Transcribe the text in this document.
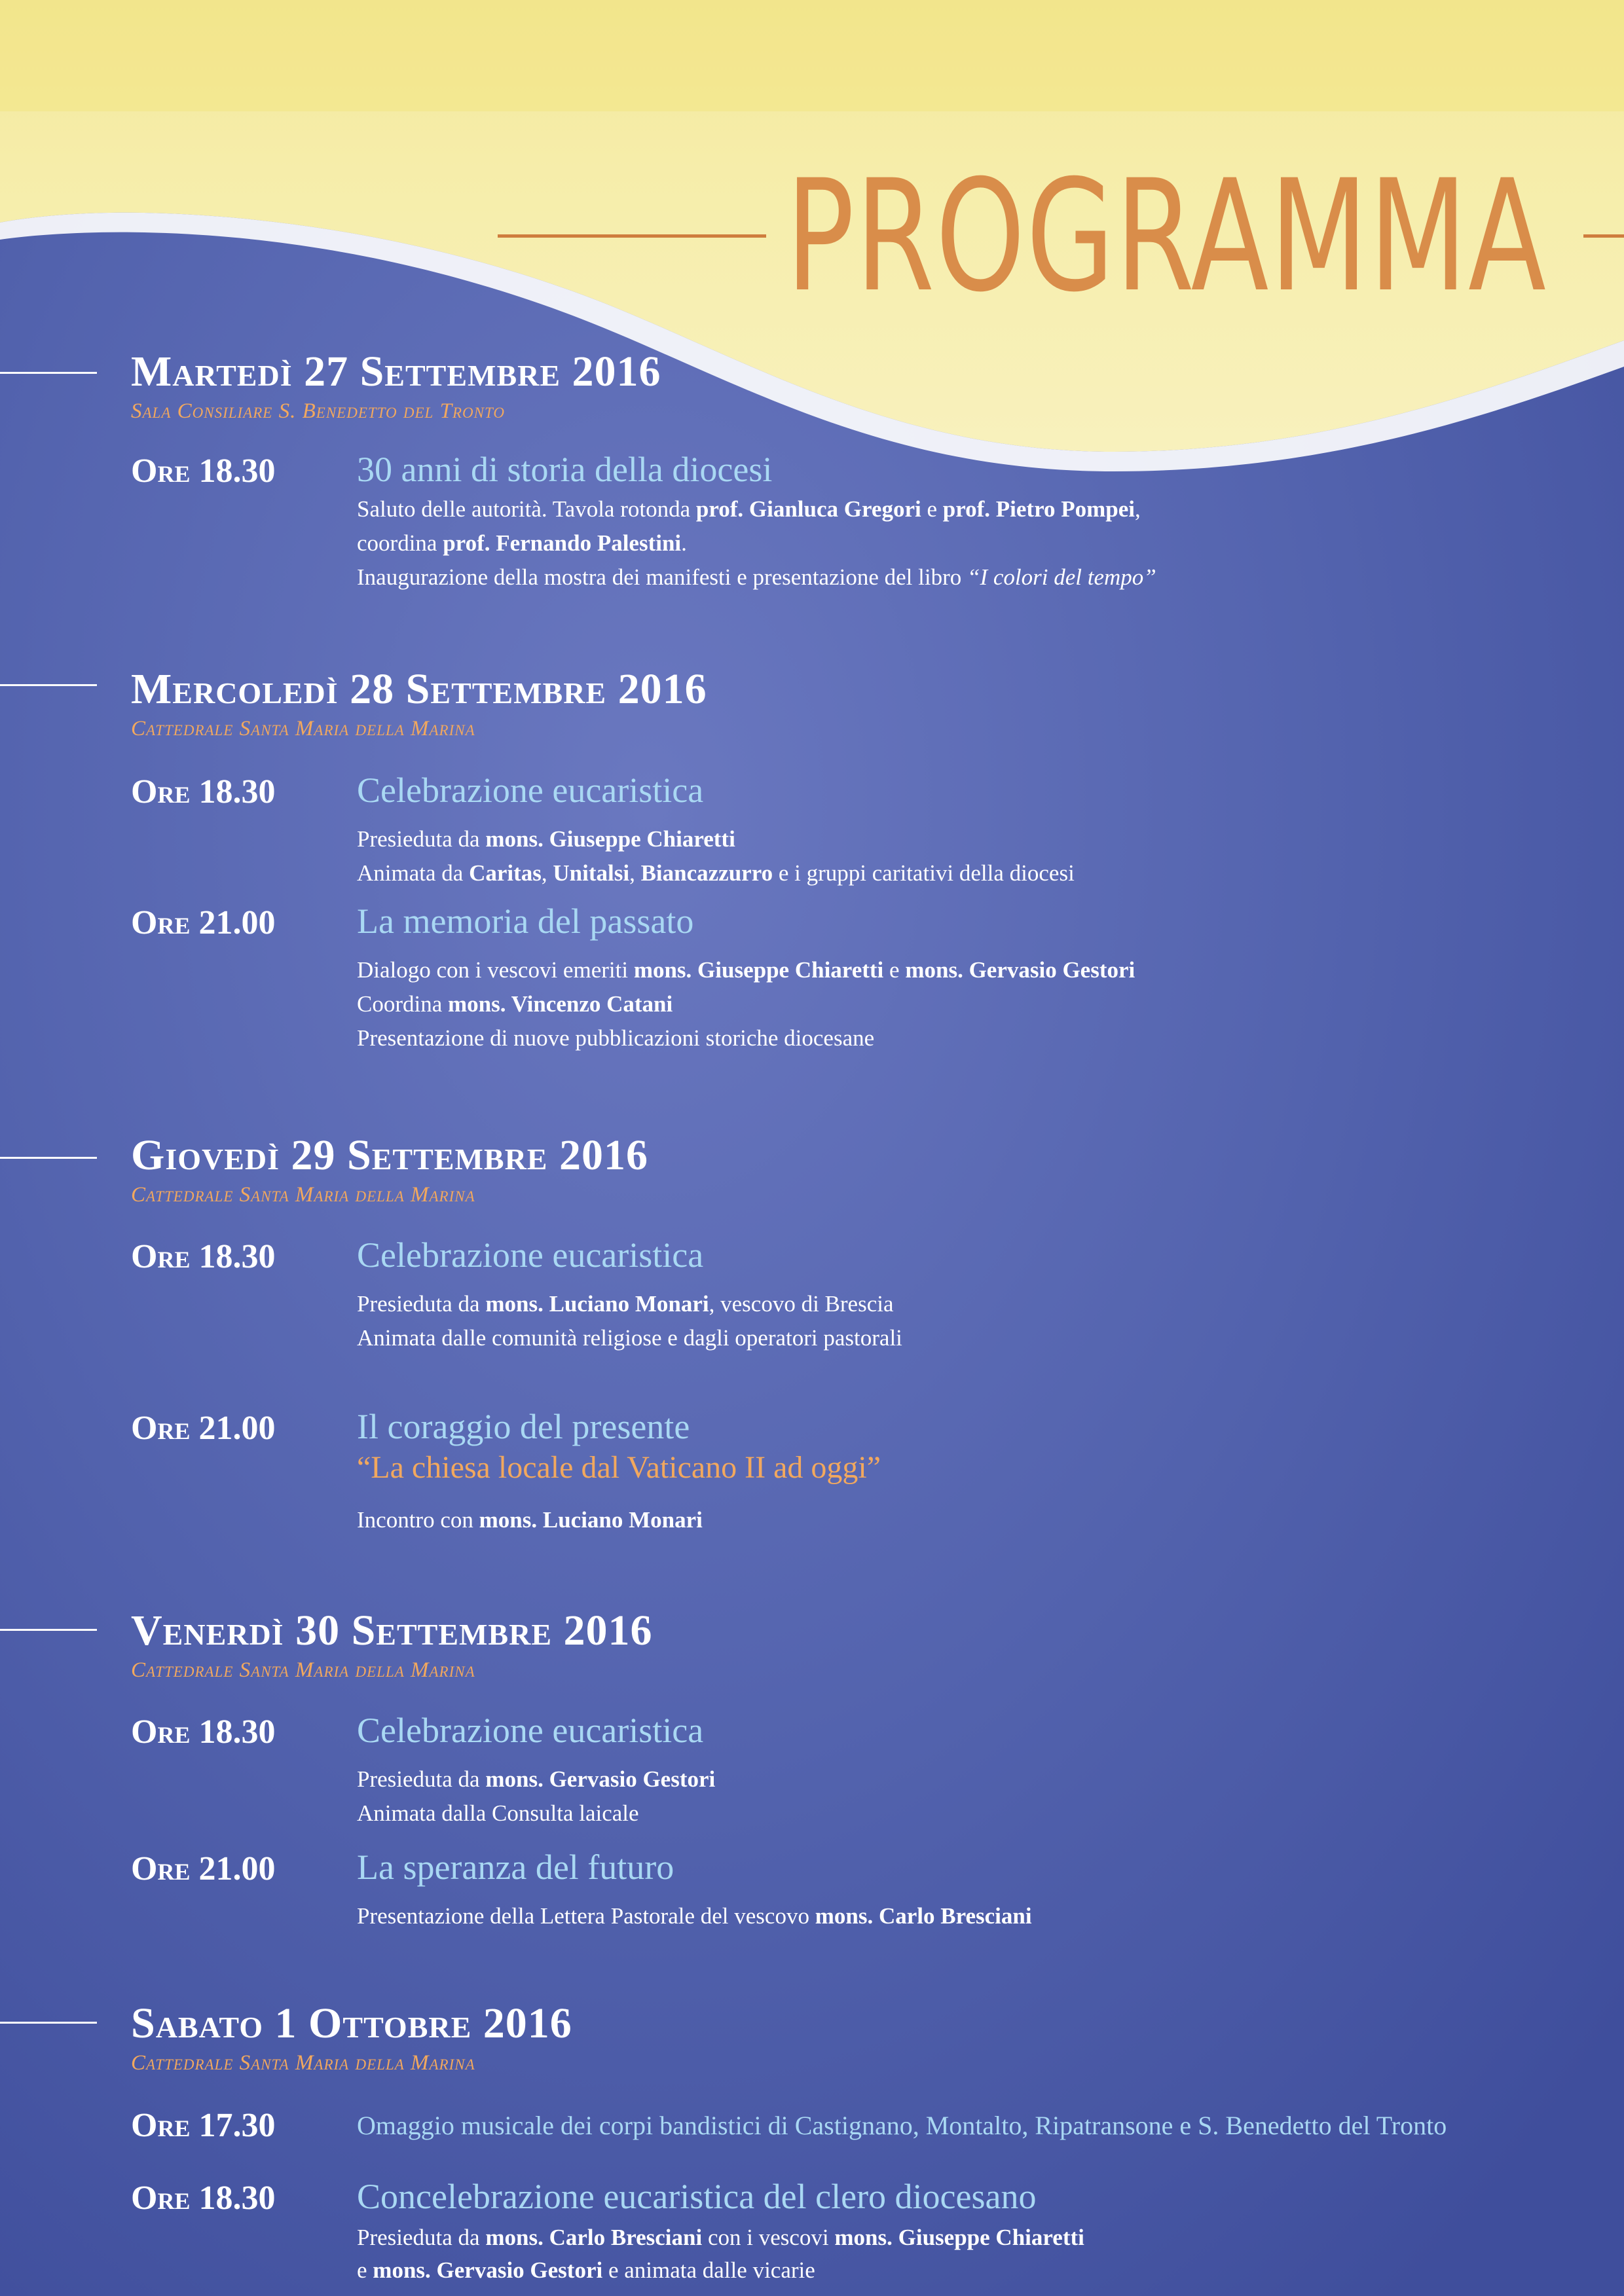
PROGRAMMA
Martedì 27 Settembre 2016
Sala Consiliare S. Benedetto del Tronto
Ore 18.30 30 anni di storia della diocesi
Saluto delle autorità. Tavola rotonda prof. Gianluca Gregori e prof. Pietro Pompei,
coordina prof. Fernando Palestini.
Inaugurazione della mostra dei manifesti e presentazione del libro “I colori del tempo”
Mercoledì 28 Settembre 2016
Cattedrale Santa Maria della Marina
Ore 18.30 Celebrazione eucaristica
Presieduta da mons. Giuseppe Chiaretti
Animata da Caritas, Unitalsi, Biancazzurro e i gruppi caritativi della diocesi
Ore 21.00 La memoria del passato
Dialogo con i vescovi emeriti mons. Giuseppe Chiaretti e mons. Gervasio Gestori
Coordina mons. Vincenzo Catani
Presentazione di nuove pubblicazioni storiche diocesane
Giovedì 29 Settembre 2016
Cattedrale Santa Maria della Marina
Ore 18.30 Celebrazione eucaristica
Presieduta da mons. Luciano Monari, vescovo di Brescia
Animata dalle comunità religiose e dagli operatori pastorali
Ore 21.00 Il coraggio del presente
“La chiesa locale dal Vaticano II ad oggi”
Incontro con mons. Luciano Monari
Venerdì 30 Settembre 2016
Cattedrale Santa Maria della Marina
Ore 18.30 Celebrazione eucaristica
Presieduta da mons. Gervasio Gestori
Animata dalla Consulta laicale
Ore 21.00 La speranza del futuro
Presentazione della Lettera Pastorale del vescovo mons. Carlo Bresciani
Sabato 1 Ottobre 2016
Cattedrale Santa Maria della Marina
Ore 17.30	Omaggio musicale dei corpi bandistici di Castignano, Montalto, Ripatransone e S. Benedetto del Tronto
Ore 18.30 Concelebrazione eucaristica del clero diocesano
Presieduta da mons. Carlo Bresciani con i vescovi mons. Giuseppe Chiaretti
e mons. Gervasio Gestori e animata dalle vicarie
